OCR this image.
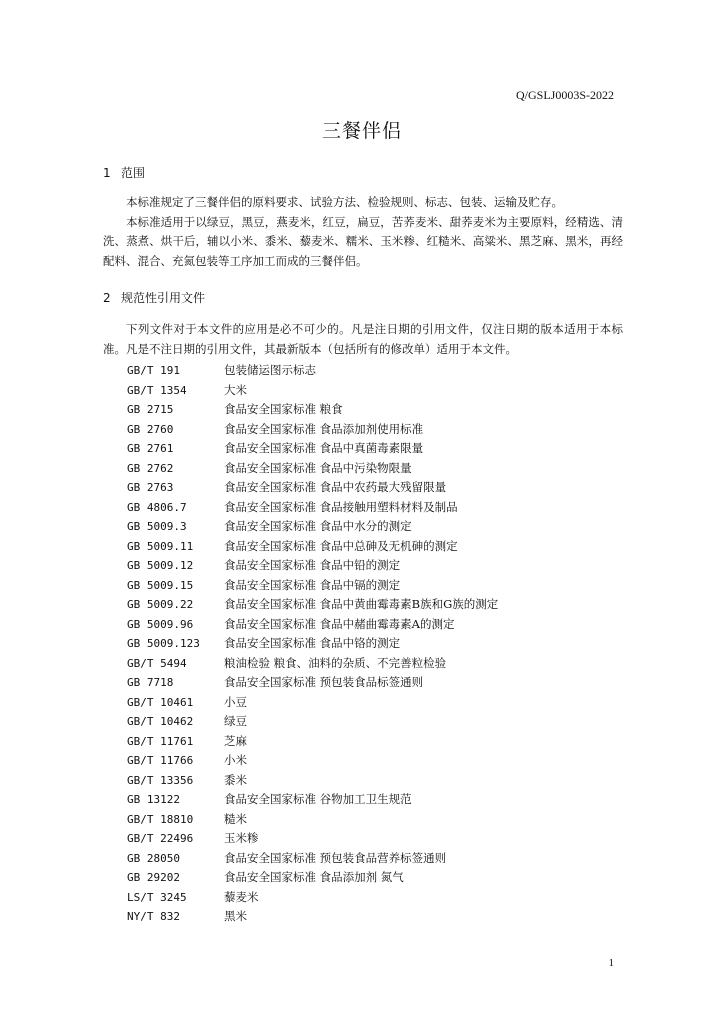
Q/GSLJ0003S-2022
三餐伴侣
1 范围

本标准规定了三餐伴侣的原料要求、试验方法、检验规则、标志、包装、运输及贮存。

本标准适用于以绿豆，黑豆，燕麦米，红豆，扁豆，苦荞麦米、甜荞麦米为主要原料，经精选、清洗、蒸煮、烘干后，辅以小米、黍米、藜麦米、糯米、玉米糁、红糙米、高粱米、黑芝麻、黑米，再经配料、混合、充氮包装等工序加工而成的三餐伴侣。

2 规范性引用文件

下列文件对于本文件的应用是必不可少的。凡是注日期的引用文件，仅注日期的版本适用于本标准。凡是不注日期的引用文件，其最新版本（包括所有的修改单）适用于本文件。

GB/T 191	包装储运图示标志
GB/T 1354	大米
GB 2715	食品安全国家标准 粮食
GB 2760	食品安全国家标准 食品添加剂使用标准
GB 2761	食品安全国家标准 食品中真菌毒素限量
GB 2762	食品安全国家标准 食品中污染物限量
GB 2763	食品安全国家标准 食品中农药最大残留限量
GB 4806.7	食品安全国家标准 食品接触用塑料材料及制品
GB 5009.3	食品安全国家标准 食品中水分的测定
GB 5009.11	食品安全国家标准 食品中总砷及无机砷的测定
GB 5009.12	食品安全国家标准 食品中铅的测定
GB 5009.15	食品安全国家标准 食品中镉的测定
GB 5009.22	食品安全国家标准 食品中黄曲霉毒素B族和G族的测定
GB 5009.96	食品安全国家标准 食品中赭曲霉毒素A的测定
GB 5009.123 食品安全国家标准 食品中铬的测定
GB/T 5494	粮油检验 粮食、油料的杂质、不完善粒检验
GB 7718	食品安全国家标准 预包装食品标签通则
GB/T 10461	小豆
GB/T 10462	绿豆
GB/T 11761	芝麻
GB/T 11766	小米
GB/T 13356	黍米
GB 13122	食品安全国家标准 谷物加工卫生规范
GB/T 18810	糙米
GB/T 22496	玉米糁
GB 28050	食品安全国家标准 预包装食品营养标签通则
GB 29202	食品安全国家标准 食品添加剂 氮气
LS/T 3245	藜麦米
NY/T 832	黑米
1
